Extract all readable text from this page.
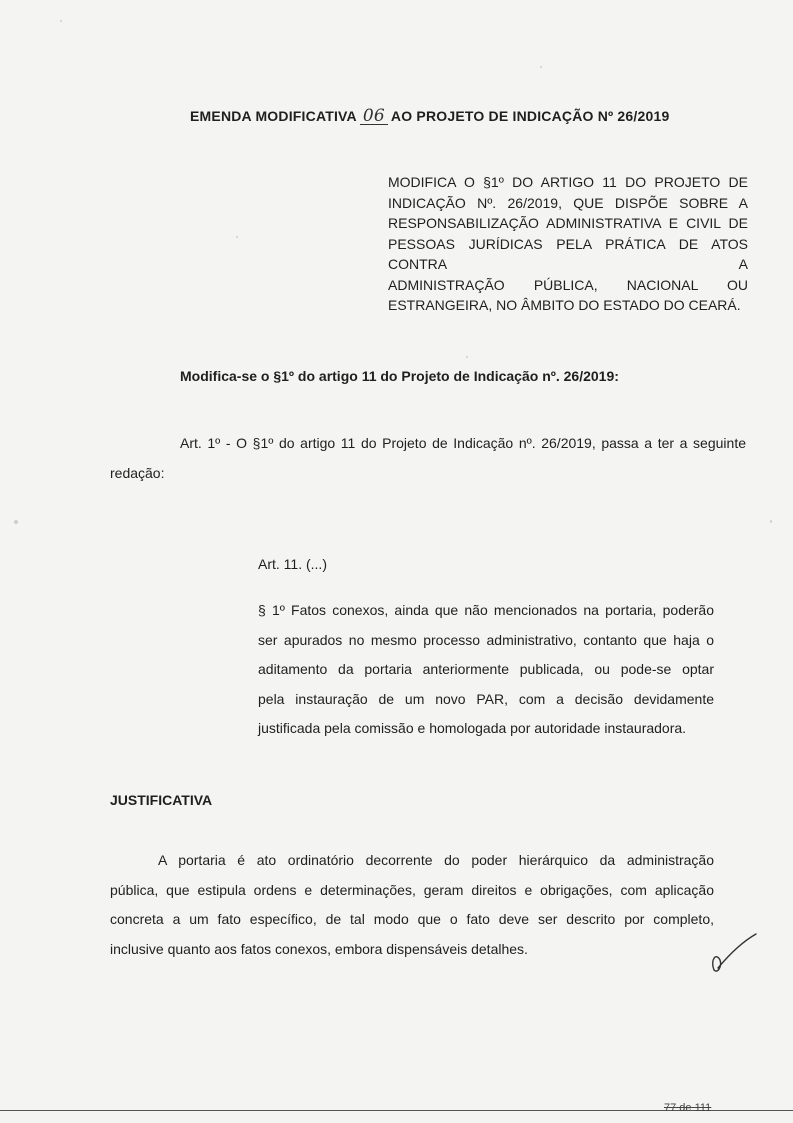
EMENDA MODIFICATIVA 06 AO PROJETO DE INDICAÇÃO Nº 26/2019
MODIFICA O §1º DO ARTIGO 11 DO PROJETO DE
INDICAÇÃO Nº. 26/2019, QUE DISPÕE SOBRE A
RESPONSABILIZAÇÃO ADMINISTRATIVA E CIVIL DE
PESSOAS JURÍDICAS PELA PRÁTICA DE ATOS CONTRA A
ADMINISTRAÇÃO PÚBLICA, NACIONAL OU
ESTRANGEIRA, NO ÂMBITO DO ESTADO DO CEARÁ.
Modifica-se o §1º do artigo 11 do Projeto de Indicação nº. 26/2019:
Art. 1º - O §1º do artigo 11 do Projeto de Indicação nº. 26/2019, passa a ter a seguinte
redação:
Art. 11. (...)
§ 1º Fatos conexos, ainda que não mencionados na portaria, poderão
ser apurados no mesmo processo administrativo, contanto que haja o
aditamento da portaria anteriormente publicada, ou pode-se optar
pela instauração de um novo PAR, com a decisão devidamente
justificada pela comissão e homologada por autoridade instauradora.
JUSTIFICATIVA
A portaria é ato ordinatório decorrente do poder hierárquico da administração
pública, que estipula ordens e determinações, geram direitos e obrigações, com aplicação
concreta a um fato específico, de tal modo que o fato deve ser descrito por completo,
inclusive quanto aos fatos conexos, embora dispensáveis detalhes.
77 de 111
